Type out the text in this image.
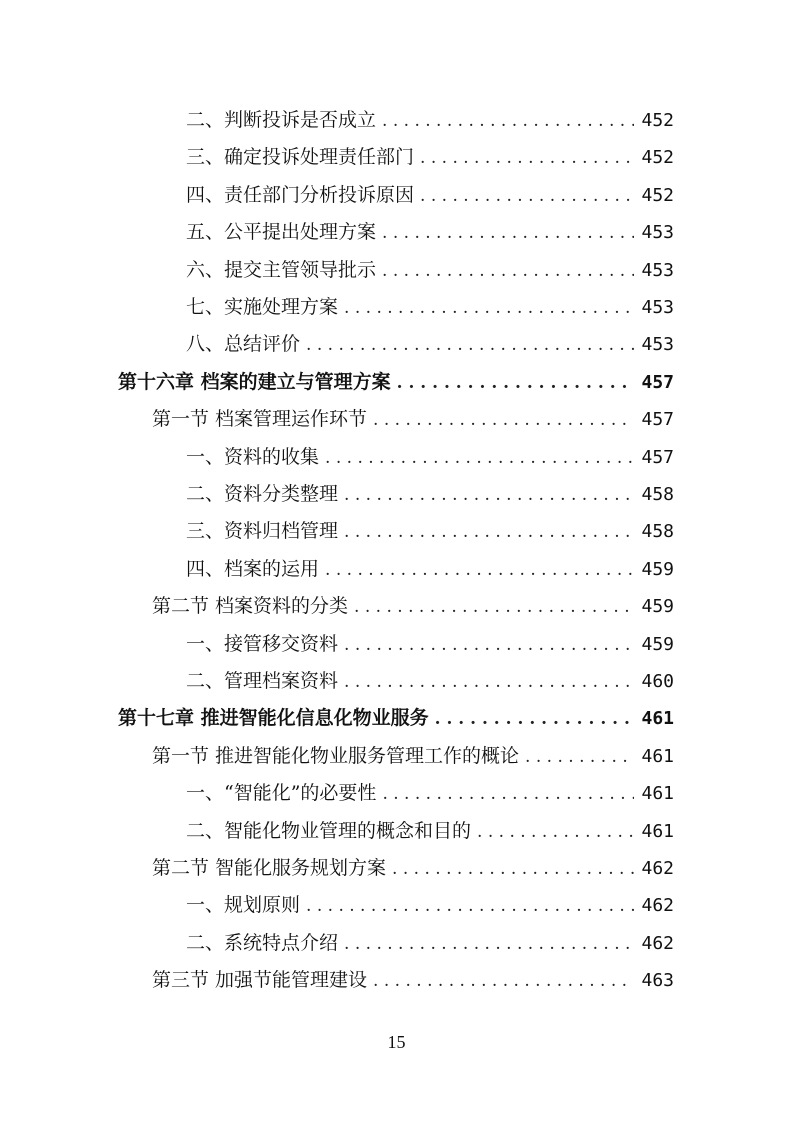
二、判断投诉是否成立 . . .	452
三、确定投诉处理责任部门 . . .	452
四、责任部门分析投诉原因 . . .	452
五、公平提出处理方案 . . .	453
六、提交主管领导批示 . . .	453
七、实施处理方案 . . .	453
八、总结评价 . . .	453
第十六章 档案的建立与管理方案 . . .	457
第一节 档案管理运作环节 . . .	457
一、资料的收集 . . .	457
二、资料分类整理 . . .	458
三、资料归档管理 . . .	458
四、档案的运用 . . .	459
第二节 档案资料的分类 . . .	459
一、接管移交资料 . . .	459
二、管理档案资料 . . .	460
第十七章 推进智能化信息化物业服务 . . .	461
第一节 推进智能化物业服务管理工作的概论 . . .	461
一、“智能化”的必要性 . . .	461
二、智能化物业管理的概念和目的 . . .	461
第二节 智能化服务规划方案 . . .	462
一、规划原则 . . .	462
二、系统特点介绍 . . .	462
第三节 加强节能管理建设 . . .	463
15
